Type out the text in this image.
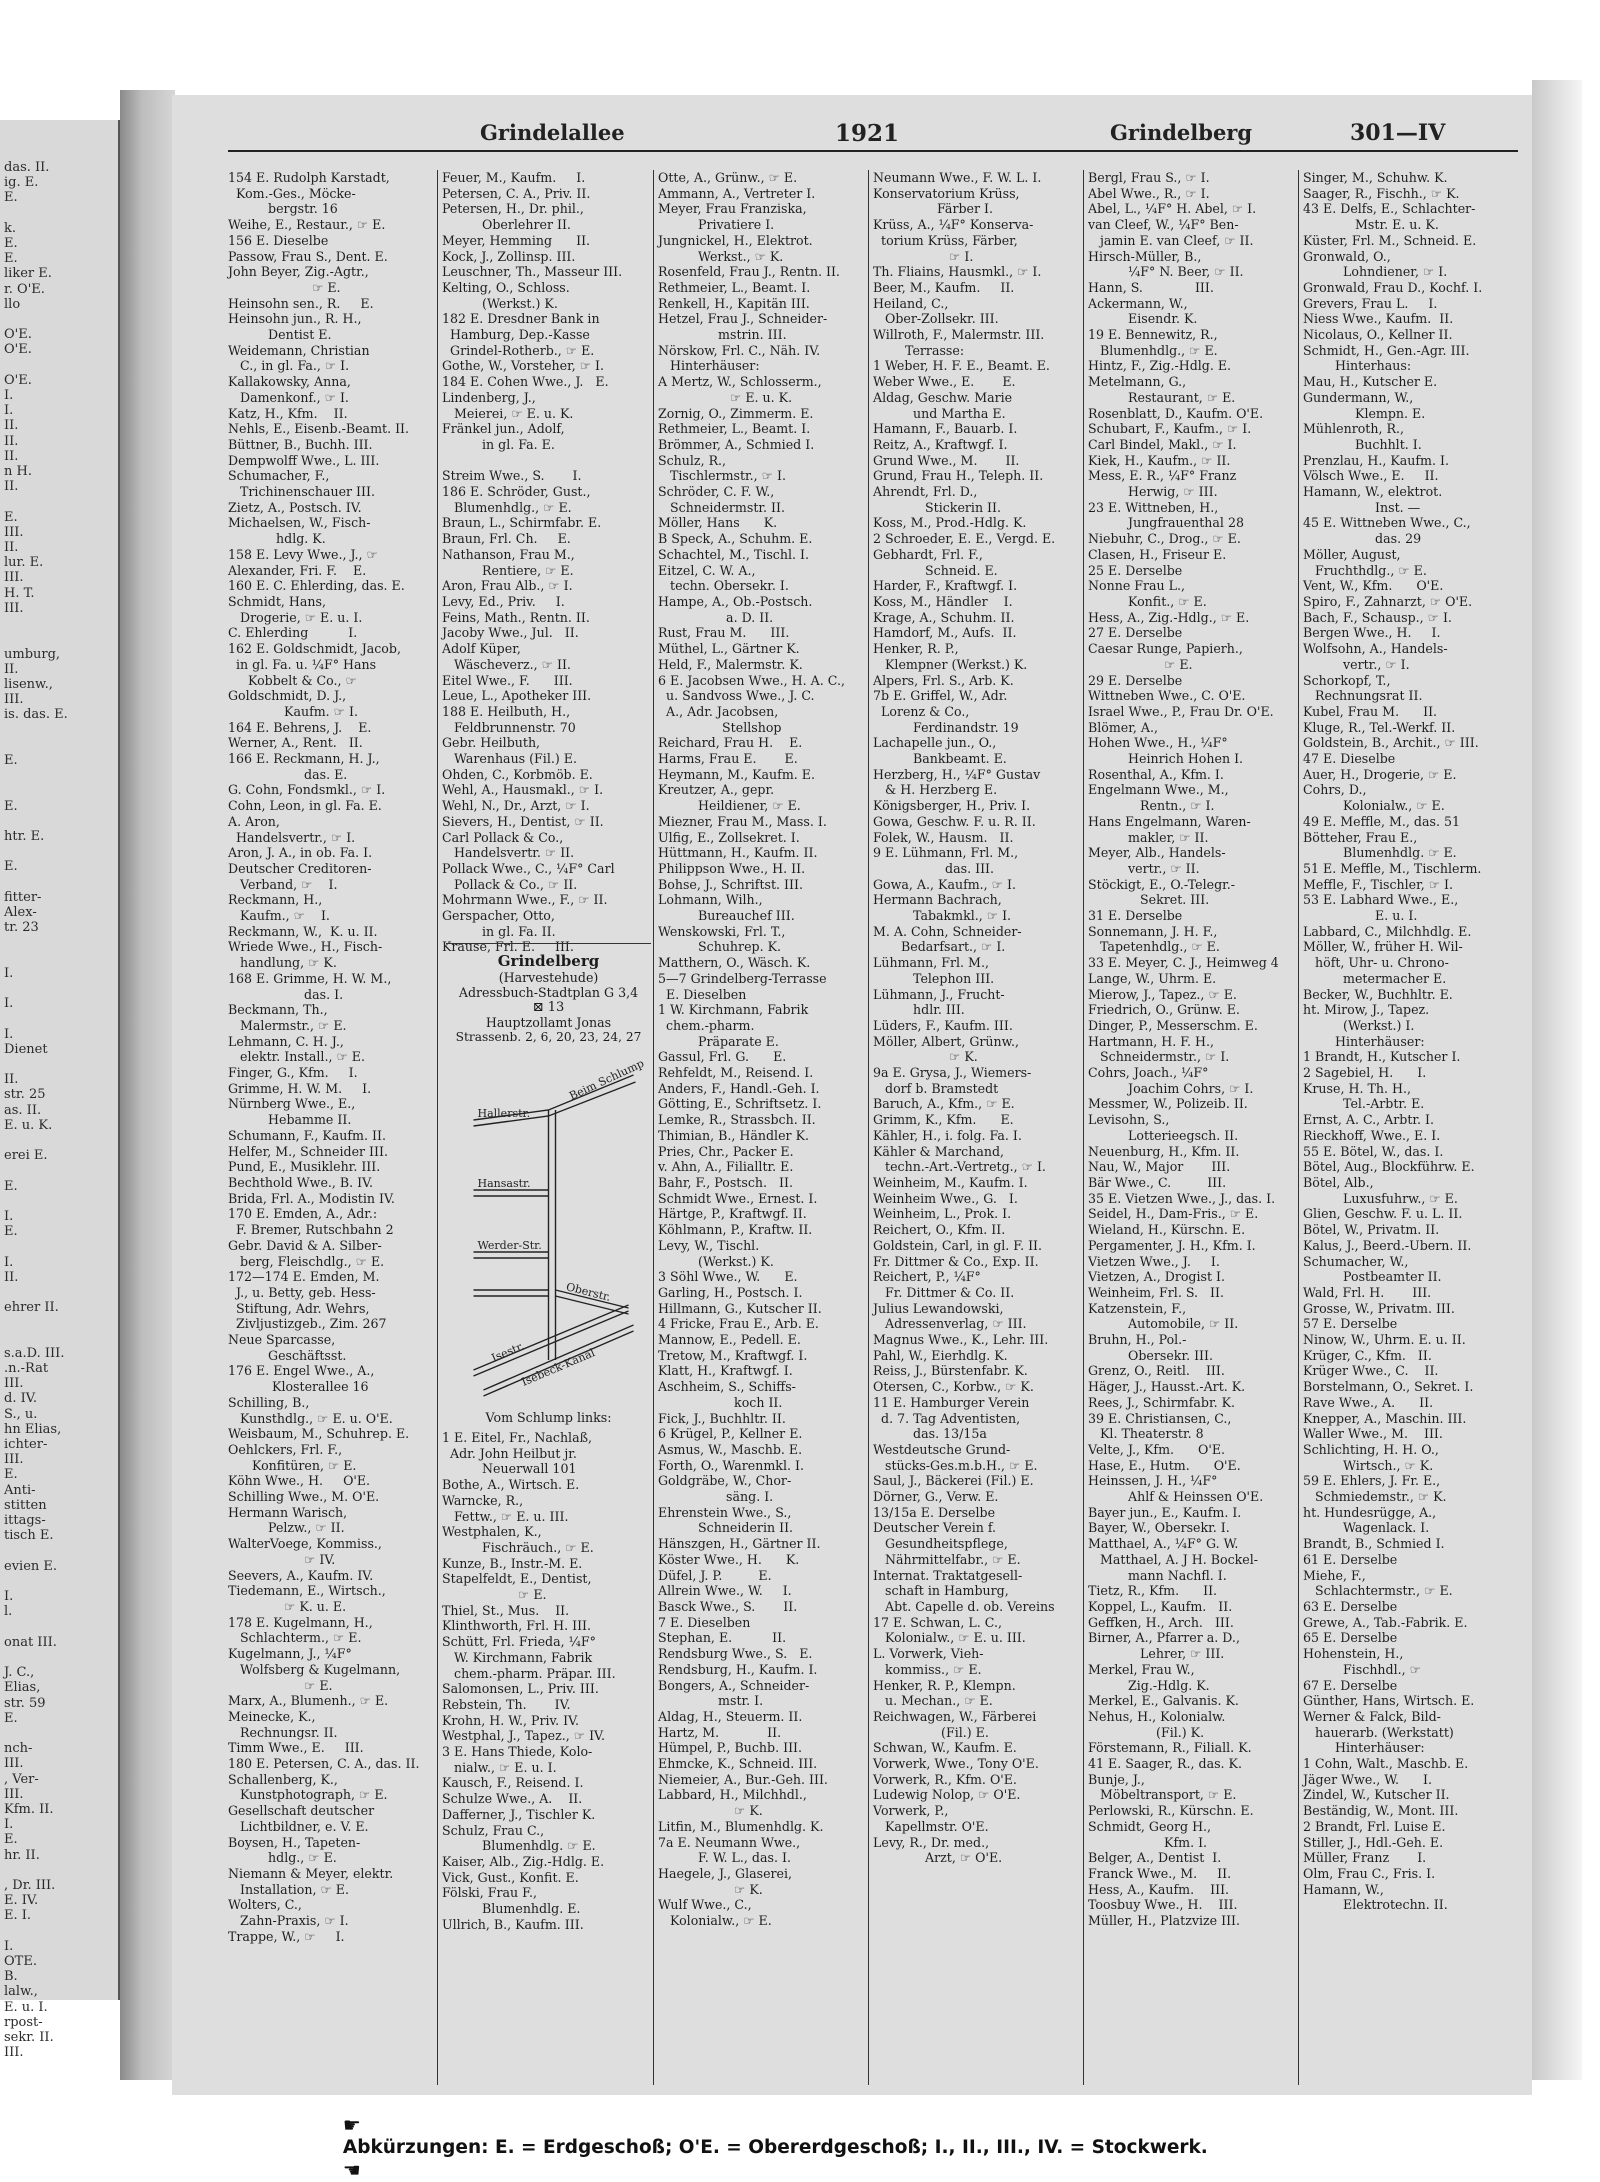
das. II.
ig. E.
E.

k.
E.
E.
liker E.
r. O'E.
llo

O'E.
O'E.

O'E.
I.
I.
II.
II.
II.
n H.
II.

E.
III.
II.
lur. E.
III.
H. T.
III.

umburg,
II.
lisenw.,
III.
is. das. E.

E.

E.

htr. E.

E.

fitter-
Alex-
tr. 23

I.

I.

I.
Dienet

II.
str. 25
as. II.
E. u. K.

erei E.

E.

I.
E.

I.
II.

ehrer II.

s.a.D. III.
.n.-Rat
III.
d. IV.
S., u.
hn Elias,
ichter-
III.
E.
Anti-
stitten
ittags-
tisch E.

evien E.

I.
l.

onat III.

J. C.,
Elias,
str. 59
E.

nch-
III.
, Ver-
III.
Kfm. II.
I.
E.
hr. II.

, Dr. III.
E. IV.
E. I.

I.
OTE.
B.
lalw.,
E. u. I.
rpost-
sekr. II.
III.
Grindelallee	1921	Grindelberg	301—IV
154 E. Rudolph Karstadt,
Kom.-Ges., Möcke-
bergstr. 16
Weihe, E., Restaur., ☞ E.
156 E. Dieselbe
Passow, Frau S., Dent. E.
John Beyer, Zig.-Agtr.,
☞ E.
Heinsohn sen., R.     E.
Heinsohn jun., R. H.,
Dentist E.
Weidemann, Christian
C., in gl. Fa., ☞ I.
Kallakowsky, Anna,
Damenkonf., ☞ I.
Katz, H., Kfm.    II.
Nehls, E., Eisenb.-Beamt. II.
Büttner, B., Buchh. III.
Dempwolff Wwe., L. III.
Schumacher, F.,
Trichinenschauer III.
Zietz, A., Postsch. IV.
Michaelsen, W., Fisch-
hdlg. K.
158 E. Levy Wwe., J., ☞
Alexander, Fri. F.    E.
160 E. C. Ehlerding, das. E.
Schmidt, Hans,
Drogerie, ☞ E. u. I.
C. Ehlerding          I.
162 E. Goldschmidt, Jacob,
in gl. Fa. u. ¼F° Hans
Kobbelt & Co., ☞
Goldschmidt, D. J.,
Kaufm. ☞ I.
164 E. Behrens, J.    E.
Werner, A., Rent.   II.
166 E. Reckmann, H. J.,
das. E.
G. Cohn, Fondsmkl., ☞ I.
Cohn, Leon, in gl. Fa. E.
A. Aron,
Handelsvertr., ☞ I.
Aron, J. A., in ob. Fa. I.
Deutscher Creditoren-
Verband, ☞    I.
Reckmann, H.,
Kaufm., ☞    I.
Reckmann, W.,  K. u. II.
Wriede Wwe., H., Fisch-
handlung, ☞ K.
168 E. Grimme, H. W. M.,
das. I.
Beckmann, Th.,
Malermstr., ☞ E.
Lehmann, C. H. J.,
elektr. Install., ☞ E.
Finger, G., Kfm.     I.
Grimme, H. W. M.     I.
Nürnberg Wwe., E.,
Hebamme II.
Schumann, F., Kaufm. II.
Helfer, M., Schneider III.
Pund, E., Musiklehr. III.
Bechthold Wwe., B. IV.
Brida, Frl. A., Modistin IV.
170 E. Emden, A., Adr.:
F. Bremer, Rutschbahn 2
Gebr. David & A. Silber-
berg, Fleischdlg., ☞ E.
172—174 E. Emden, M.
J., u. Betty, geb. Hess-
Stiftung, Adr. Wehrs,
Zivljustizgeb., Zim. 267
Neue Sparcasse,
Geschäftsst.
176 E. Engel Wwe., A.,
Klosterallee 16
Schilling, B.,
Kunsthdlg., ☞ E. u. O'E.
Weisbaum, M., Schuhrep. E.
Oehlckers, Frl. F.,
Konfitüren, ☞ E.
Köhn Wwe., H.     O'E.
Schilling Wwe., M. O'E.
Hermann Warisch,
Pelzw., ☞ II.
WalterVoege, Kommiss.,
☞ IV.
Seevers, A., Kaufm. IV.
Tiedemann, E., Wirtsch.,
☞ K. u. E.
178 E. Kugelmann, H.,
Schlachterm., ☞ E.
Kugelmann, J., ¼F°
Wolfsberg & Kugelmann,
☞ E.
Marx, A., Blumenh., ☞ E.
Meinecke, K.,
Rechnungsr. II.
Timm Wwe., E.     III.
180 E. Petersen, C. A., das. II.
Schallenberg, K.,
Kunstphotograph, ☞ E.
Gesellschaft deutscher
Lichtbildner, e. V. E.
Boysen, H., Tapeten-
hdlg., ☞ E.
Niemann & Meyer, elektr.
Installation, ☞ E.
Wolters, C.,
Zahn-Praxis, ☞ I.
Trappe, W., ☞     I.
Feuer, M., Kaufm.     I.
Petersen, C. A., Priv. II.
Petersen, H., Dr. phil.,
Oberlehrer II.
Meyer, Hemming      II.
Kock, J., Zollinsp. III.
Leuschner, Th., Masseur III.
Kelting, O., Schloss.
(Werkst.) K.
182 E. Dresdner Bank in
Hamburg, Dep.-Kasse
Grindel-Rotherb., ☞ E.
Gothe, W., Vorsteher, ☞ I.
184 E. Cohen Wwe., J.   E.
Lindenberg, J.,
Meierei, ☞ E. u. K.
Fränkel jun., Adolf,
in gl. Fa. E.

Streim Wwe., S.       I.
186 E. Schröder, Gust.,
Blumenhdlg., ☞ E.
Braun, L., Schirmfabr. E.
Braun, Frl. Ch.     E.
Nathanson, Frau M.,
Rentiere, ☞ E.
Aron, Frau Alb., ☞ I.
Levy, Ed., Priv.     I.
Feins, Math., Rentn. II.
Jacoby Wwe., Jul.   II.
Adolf Küper,
Wäscheverz., ☞ II.
Eitel Wwe., F.      III.
Leue, L., Apotheker III.
188 E. Heilbuth, H.,
Feldbrunnenstr. 70
Gebr. Heilbuth,
Warenhaus (Fil.) E.
Ohden, C., Korbmöb. E.
Wehl, A., Hausmakl., ☞ I.
Wehl, N., Dr., Arzt, ☞ I.
Sievers, H., Dentist, ☞ II.
Carl Pollack & Co.,
Handelsvertr. ☞ II.
Pollack Wwe., C., ¼F° Carl
Pollack & Co., ☞ II.
Mohrmann Wwe., F., ☞ II.
Gerspacher, Otto,
in gl. Fa. II.
Krause, Frl. E.     III.
Otte, A., Grünw., ☞ E.
Ammann, A., Vertreter I.
Meyer, Frau Franziska,
Privatiere I.
Jungnickel, H., Elektrot.
Werkst., ☞ K.
Rosenfeld, Frau J., Rentn. II.
Rethmeier, L., Beamt. I.
Renkell, H., Kapitän III.
Hetzel, Frau J., Schneider-
mstrin. III.
Nörskow, Frl. C., Näh. IV.
Hinterhäuser:
A Mertz, W., Schlosserm.,
☞ E. u. K.
Zornig, O., Zimmerm. E.
Rethmeier, L., Beamt. I.
Brömmer, A., Schmied I.
Schulz, R.,
Tischlermstr., ☞ I.
Schröder, C. F. W.,
Schneidermstr. II.
Möller, Hans      K.
B Speck, A., Schuhm. E.
Schachtel, M., Tischl. I.
Eitzel, C. W. A.,
techn. Obersekr. I.
Hampe, A., Ob.-Postsch.
a. D. II.
Rust, Frau M.      III.
Müthel, L., Gärtner K.
Held, F., Malermstr. K.
6 E. Jacobsen Wwe., H. A. C.,
u. Sandvoss Wwe., J. C.
A., Adr. Jacobsen,
Stellshop
Reichard, Frau H.    E.
Harms, Frau E.       E.
Heymann, M., Kaufm. E.
Kreutzer, A., gepr.
Heildiener, ☞ E.
Miezner, Frau M., Mass. I.
Ulfig, E., Zollsekret. I.
Hüttmann, H., Kaufm. II.
Philippson Wwe., H. II.
Bohse, J., Schriftst. III.
Lohmann, Wilh.,
Bureauchef III.
Wenskowski, Frl. T.,
Schuhrep. K.
Matthern, O., Wäsch. K.
5—7 Grindelberg-Terrasse
E. Dieselben
1 W. Kirchmann, Fabrik
chem.-pharm.
Präparate E.
Gassul, Frl. G.      E.
Rehfeldt, M., Reisend. I.
Anders, F., Handl.-Geh. I.
Götting, E., Schriftsetz. I.
Lemke, R., Strassbch. II.
Thimian, B., Händler K.
Pries, Chr., Packer E.
v. Ahn, A., Filialltr. E.
Bahr, F., Postsch.   II.
Schmidt Wwe., Ernest. I.
Härtge, P., Kraftwgf. II.
Köhlmann, P., Kraftw. II.
Levy, W., Tischl.
(Werkst.) K.
3 Söhl Wwe., W.      E.
Garling, H., Postsch. I.
Hillmann, G., Kutscher II.
4 Fricke, Frau E., Arb. E.
Mannow, E., Pedell. E.
Tretow, M., Kraftwgf. I.
Klatt, H., Kraftwgf. I.
Aschheim, S., Schiffs-
koch II.
Fick, J., Buchhltr. II.
6 Krügel, P., Kellner E.
Asmus, W., Maschb. E.
Forth, O., Warenmkl. I.
Goldgräbe, W., Chor-
säng. I.
Ehrenstein Wwe., S.,
Schneiderin II.
Hänszgen, H., Gärtner II.
Köster Wwe., H.      K.
Düfel, J. P.         E.
Allrein Wwe., W.     I.
Basck Wwe., S.       II.
7 E. Dieselben
Stephan, E.          II.
Rendsburg Wwe., S.   E.
Rendsburg, H., Kaufm. I.
Bongers, A., Schneider-
mstr. I.
Aldag, H., Steuerm. II.
Hartz, M.            II.
Hümpel, P., Buchb. III.
Ehmcke, K., Schneid. III.
Niemeier, A., Bur.-Geh. III.
Labbard, H., Milchhdl.,
☞ K.
Litfin, M., Blumenhdlg. K.
7a E. Neumann Wwe.,
F. W. L., das. I.
Haegele, J., Glaserei,
☞ K.
Wulf Wwe., C.,
Kolonialw., ☞ E.
Neumann Wwe., F. W. L. I.
Konservatorium Krüss,
Färber I.
Krüss, A., ¼F° Konserva-
torium Krüss, Färber,
☞ I.
Th. Fliains, Hausmkl., ☞ I.
Beer, M., Kaufm.     II.
Heiland, C.,
Ober-Zollsekr. III.
Willroth, F., Malermstr. III.
Terrasse:
1 Weber, H. F. E., Beamt. E.
Weber Wwe., E.       E.
Aldag, Geschw. Marie
und Martha E.
Hamann, F., Bauarb. I.
Reitz, A., Kraftwgf. I.
Grund Wwe., M.       II.
Grund, Frau H., Teleph. II.
Ahrendt, Frl. D.,
Stickerin II.
Koss, M., Prod.-Hdlg. K.
2 Schroeder, E. E., Vergd. E.
Gebhardt, Frl. F.,
Schneid. E.
Harder, F., Kraftwgf. I.
Koss, M., Händler    I.
Krage, A., Schuhm. II.
Hamdorf, M., Aufs.  II.
Henker, R. P.,
Klempner (Werkst.) K.
Alpers, Frl. S., Arb. K.
7b E. Griffel, W., Adr.
Lorenz & Co.,
Ferdinandstr. 19
Lachapelle jun., O.,
Bankbeamt. E.
Herzberg, H., ¼F° Gustav
& H. Herzberg E.
Königsberger, H., Priv. I.
Gowa, Geschw. F. u. R. II.
Folek, W., Hausm.   II.
9 E. Lühmann, Frl. M.,
das. III.
Gowa, A., Kaufm., ☞ I.
Hermann Bachrach,
Tabakmkl., ☞ I.
M. A. Cohn, Schneider-
Bedarfsart., ☞ I.
Lühmann, Frl. M.,
Telephon III.
Lühmann, J., Frucht-
hdlr. III.
Lüders, F., Kaufm. III.
Möller, Albert, Grünw.,
☞ K.
9a E. Grysa, J., Wiemers-
dorf b. Bramstedt
Baruch, A., Kfm., ☞ E.
Grimm, K., Kfm.      E.
Kähler, H., i. folg. Fa. I.
Kähler & Marchand,
techn.-Art.-Vertretg., ☞ I.
Weinheim, M., Kaufm. I.
Weinheim Wwe., G.   I.
Weinheim, L., Prok. I.
Reichert, O., Kfm. II.
Goldstein, Carl, in gl. F. II.
Fr. Dittmer & Co., Exp. II.
Reichert, P., ¼F°
Fr. Dittmer & Co. II.
Julius Lewandowski,
Adressenverlag, ☞ III.
Magnus Wwe., K., Lehr. III.
Pahl, W., Eierhdlg. K.
Reiss, J., Bürstenfabr. K.
Otersen, C., Korbw., ☞ K.
11 E. Hamburger Verein
d. 7. Tag Adventisten,
das. 13/15a
Westdeutsche Grund-
stücks-Ges.m.b.H., ☞ E.
Saul, J., Bäckerei (Fil.) E.
Dörner, G., Verw. E.
13/15a E. Derselbe
Deutscher Verein f.
Gesundheitspflege,
Nährmittelfabr., ☞ E.
Internat. Traktatgesell-
schaft in Hamburg,
Abt. Capelle d. ob. Vereins
17 E. Schwan, L. C.,
Kolonialw., ☞ E. u. III.
L. Vorwerk, Vieh-
kommiss., ☞ E.
Henker, R. P., Klempn.
u. Mechan., ☞ E.
Reichwagen, W., Färberei
(Fil.) E.
Schwan, W., Kaufm. E.
Vorwerk, Wwe., Tony O'E.
Vorwerk, R., Kfm. O'E.
Ludewig Nolop, ☞ O'E.
Vorwerk, P.,
Kapellmstr. O'E.
Levy, R., Dr. med.,
Arzt, ☞ O'E.
Bergl, Frau S., ☞ I.
Abel Wwe., R., ☞ I.
Abel, L., ¼F° H. Abel, ☞ I.
van Cleef, W., ¼F° Ben-
jamin E. van Cleef, ☞ II.
Hirsch-Müller, B.,
¼F° N. Beer, ☞ II.
Hann, S.             III.
Ackermann, W.,
Eisendr. K.
19 E. Bennewitz, R.,
Blumenhdlg., ☞ E.
Hintz, F., Zig.-Hdlg. E.
Metelmann, G.,
Restaurant, ☞ E.
Rosenblatt, D., Kaufm. O'E.
Schubart, F., Kaufm., ☞ I.
Carl Bindel, Makl., ☞ I.
Kiek, H., Kaufm., ☞ II.
Mess, E. R., ¼F° Franz
Herwig, ☞ III.
23 E. Wittneben, H.,
Jungfrauenthal 28
Niebuhr, C., Drog., ☞ E.
Clasen, H., Friseur E.
25 E. Derselbe
Nonne Frau L.,
Konfit., ☞ E.
Hess, A., Zig.-Hdlg., ☞ E.
27 E. Derselbe
Caesar Runge, Papierh.,
☞ E.
29 E. Derselbe
Wittneben Wwe., C. O'E.
Israel Wwe., P., Frau Dr. O'E.
Blömer, A.,
Hohen Wwe., H., ¼F°
Heinrich Hohen I.
Rosenthal, A., Kfm. I.
Engelmann Wwe., M.,
Rentn., ☞ I.
Hans Engelmann, Waren-
makler, ☞ II.
Meyer, Alb., Handels-
vertr., ☞ II.
Stöckigt, E., O.-Telegr.-
Sekret. III.
31 E. Derselbe
Sonnemann, J. H. F.,
Tapetenhdlg., ☞ E.
33 E. Meyer, C. J., Heimweg 4
Lange, W., Uhrm. E.
Mierow, J., Tapez., ☞ E.
Friedrich, O., Grünw. E.
Dinger, P., Messerschm. E.
Hartmann, H. F. H.,
Schneidermstr., ☞ I.
Cohrs, Joach., ¼F°
Joachim Cohrs, ☞ I.
Messmer, W., Polizeib. II.
Levisohn, S.,
Lotterieegsch. II.
Neuenburg, H., Kfm. II.
Nau, W., Major       III.
Bär Wwe., C.         III.
35 E. Vietzen Wwe., J., das. I.
Seidel, H., Dam-Fris., ☞ E.
Wieland, H., Kürschn. E.
Pergamenter, J. H., Kfm. I.
Vietzen Wwe., J.     I.
Vietzen, A., Drogist I.
Weinheim, Frl. S.   II.
Katzenstein, F.,
Automobile, ☞ II.
Bruhn, H., Pol.-
Obersekr. III.
Grenz, O., Reitl.    III.
Häger, J., Hausst.-Art. K.
Rees, J., Schirmfabr. K.
39 E. Christiansen, C.,
Kl. Theaterstr. 8
Velte, J., Kfm.      O'E.
Hase, E., Hutm.      O'E.
Heinssen, J. H., ¼F°
Ahlf & Heinssen O'E.
Bayer jun., E., Kaufm. I.
Bayer, W., Obersekr. I.
Matthael, A., ¼F° G. W.
Matthael, A. J H. Bockel-
mann Nachfl. I.
Tietz, R., Kfm.      II.
Koppel, L., Kaufm.   II.
Geffken, H., Arch.   III.
Birner, A., Pfarrer a. D.,
Lehrer, ☞ III.
Merkel, Frau W.,
Zig.-Hdlg. K.
Merkel, E., Galvanis. K.
Nehus, H., Kolonialw.
(Fil.) K.
Förstemann, R., Filiall. K.
41 E. Saager, R., das. K.
Bunje, J.,
Möbeltransport, ☞ E.
Perlowski, R., Kürschn. E.
Schmidt, Georg H.,
Kfm. I.
Belger, A., Dentist  I.
Franck Wwe., M.     II.
Hess, A., Kaufm.    III.
Toosbuy Wwe., H.    III.
Müller, H., Platzvize III.
Singer, M., Schuhw. K.
Saager, R., Fischh., ☞ K.
43 E. Delfs, E., Schlachter-
Mstr. E. u. K.
Küster, Frl. M., Schneid. E.
Gronwald, O.,
Lohndiener, ☞ I.
Gronwald, Frau D., Kochf. I.
Grevers, Frau L.     I.
Niess Wwe., Kaufm.  II.
Nicolaus, O., Kellner II.
Schmidt, H., Gen.-Agr. III.
Hinterhaus:
Mau, H., Kutscher E.
Gundermann, W.,
Klempn. E.
Mühlenroth, R.,
Buchhlt. I.
Prenzlau, H., Kaufm. I.
Völsch Wwe., E.     II.
Hamann, W., elektrot.
Inst. —
45 E. Wittneben Wwe., C.,
das. 29
Möller, August,
Fruchthdlg., ☞ E.
Vent, W., Kfm.      O'E.
Spiro, F., Zahnarzt, ☞ O'E.
Bach, F., Schausp., ☞ I.
Bergen Wwe., H.     I.
Wolfsohn, A., Handels-
vertr., ☞ I.
Schorkopf, T.,
Rechnungsrat II.
Kubel, Frau M.      II.
Kluge, R., Tel.-Werkf. II.
Goldstein, B., Archit., ☞ III.
47 E. Dieselbe
Auer, H., Drogerie, ☞ E.
Cohrs, D.,
Kolonialw., ☞ E.
49 E. Meffle, M., das. 51
Bötteher, Frau E.,
Blumenhdlg. ☞ E.
51 E. Meffle, M., Tischlerm.
Meffle, F., Tischler, ☞ I.
53 E. Labhard Wwe., E.,
E. u. I.
Labbard, C., Milchhdlg. E.
Möller, W., früher H. Wil-
höft, Uhr- u. Chrono-
metermacher E.
Becker, W., Buchhltr. E.
ht. Mirow, J., Tapez.
(Werkst.) I.
Hinterhäuser:
1 Brandt, H., Kutscher I.
2 Sagebiel, H.      I.
Kruse, H. Th. H.,
Tel.-Arbtr. E.
Ernst, A. C., Arbtr. I.
Rieckhoff, Wwe., E. I.
55 E. Bötel, W., das. I.
Bötel, Aug., Blockführw. E.
Bötel, Alb.,
Luxusfuhrw., ☞ E.
Glien, Geschw. F. u. L. II.
Bötel, W., Privatm. II.
Kalus, J., Beerd.-Ubern. II.
Schumacher, W.,
Postbeamter II.
Wald, Frl. H.       III.
Grosse, W., Privatm. III.
57 E. Derselbe
Ninow, W., Uhrm. E. u. II.
Krüger, C., Kfm.   II.
Krüger Wwe., C.    II.
Borstelmann, O., Sekret. I.
Rave Wwe., A.      II.
Knepper, A., Maschin. III.
Waller Wwe., M.    III.
Schlichting, H. H. O.,
Wirtsch., ☞ K.
59 E. Ehlers, J. Fr. E.,
Schmiedemstr., ☞ K.
ht. Hundesrügge, A.,
Wagenlack. I.
Brandt, B., Schmied I.
61 E. Derselbe
Miehe, F.,
Schlachtermstr., ☞ E.
63 E. Derselbe
Grewe, A., Tab.-Fabrik. E.
65 E. Derselbe
Hohenstein, H.,
Fischhdl., ☞
67 E. Derselbe
Günther, Hans, Wirtsch. E.
Werner & Falck, Bild-
hauerarb. (Werkstatt)
Hinterhäuser:
1 Cohn, Walt., Maschb. E.
Jäger Wwe., W.      I.
Zindel, W., Kutscher II.
Beständig, W., Mont. III.
2 Brandt, Frl. Luise E.
Stiller, J., Hdl.-Geh. E.
Müller, Franz       I.
Olm, Frau C., Fris. I.
Hamann, W.,
Elektrotechn. II.
Grindelberg
(Harvestehude)
Adressbuch-Stadtplan G 3,4
⊠ 13
Hauptzollamt Jonas
Strassenb. 2, 6, 20, 23, 24, 27
Beim Schlump
Hallerstr.
Hansastr.
Werder-Str.
Oberstr.
Isestr.
Isebeck-Kanal
Vom Schlump links:
1 E. Eitel, Fr., Nachlaß,
Adr. John Heilbut jr.
Neuerwall 101
Bothe, A., Wirtsch. E.
Warncke, R.,
Fettw., ☞ E. u. III.
Westphalen, K.,
Fischräuch., ☞ E.
Kunze, B., Instr.-M. E.
Stapelfeldt, E., Dentist,
☞ E.
Thiel, St., Mus.    II.
Klinthworth, Frl. H. III.
Schütt, Frl. Frieda, ¼F°
W. Kirchmann, Fabrik
chem.-pharm. Präpar. III.
Salomonsen, L., Priv. III.
Rebstein, Th.       IV.
Krohn, H. W., Priv. IV.
Westphal, J., Tapez., ☞ IV.
3 E. Hans Thiede, Kolo-
nialw., ☞ E. u. I.
Kausch, F., Reisend. I.
Schulze Wwe., A.    II.
Dafferner, J., Tischler K.
Schulz, Frau C.,
Blumenhdlg. ☞ E.
Kaiser, Alb., Zig.-Hdlg. E.
Vick, Gust., Konfit. E.
Fölski, Frau F.,
Blumenhdlg. E.
Ullrich, B., Kaufm. III.

☛
Abkürzungen: E. = Erdgeschoß; O'E. = Obererdgeschoß; I., II., III., IV. = Stockwerk.
☚
